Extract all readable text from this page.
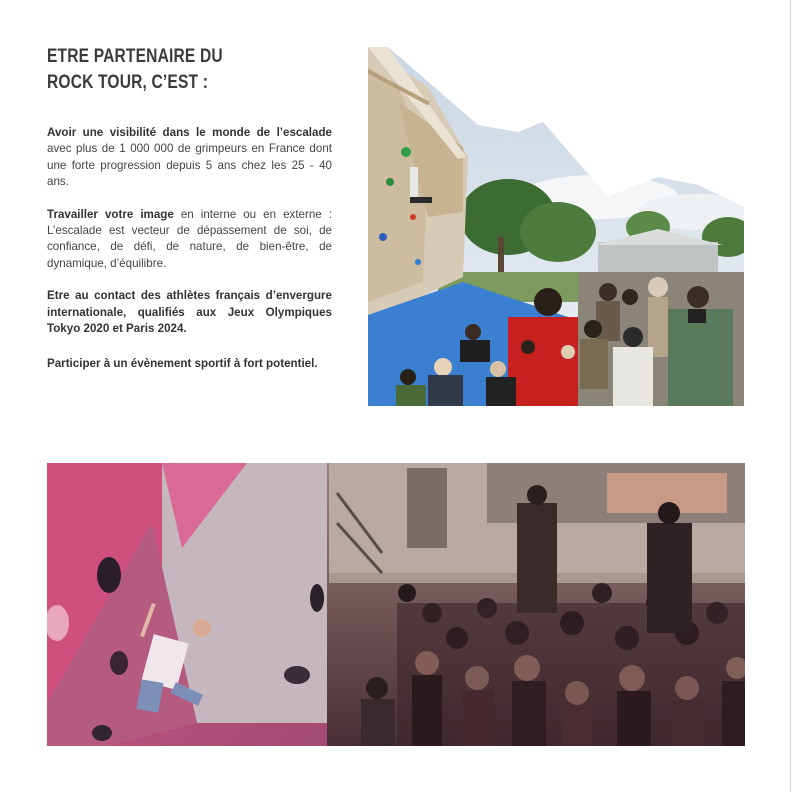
ETRE PARTENAIRE DU
ROCK TOUR, C’EST :

Avoir une visibilité dans le monde de l’escalade avec plus de 1 000 000 de grimpeurs en France dont une forte progression depuis 5 ans chez les 25 - 40 ans.

Travailler votre image en interne ou en externe : L’escalade est vecteur de dépassement de soi, de confiance, de défi, de nature, de bien-être, de dynamique, d’équilibre.

Etre au contact des athlètes français d’envergure internationale, qualifiés aux Jeux Olympiques Tokyo 2020 et Paris 2024.

Participer à un évènement sportif à fort potentiel.
